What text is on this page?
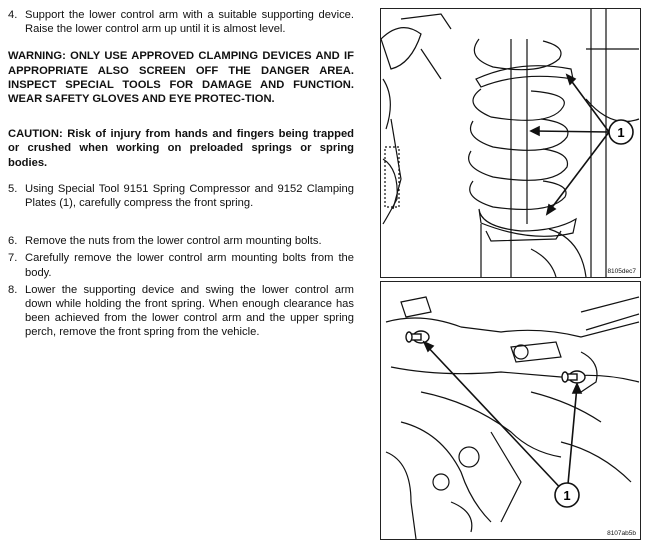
4. Support the lower control arm with a suitable supporting device. Raise the lower control arm up until it is almost level.

WARNING: ONLY USE APPROVED CLAMPING DEVICES AND IF APPROPRIATE ALSO SCREEN OFF THE DANGER AREA. INSPECT SPECIAL TOOLS FOR DAMAGE AND FUNCTION. WEAR SAFETY GLOVES AND EYE PROTEC-TION.

CAUTION: Risk of injury from hands and fingers being trapped or crushed when working on preloaded springs or spring bodies.

5. Using Special Tool 9151 Spring Compressor and 9152 Clamping Plates (1), carefully compress the front spring.
6. Remove the nuts from the lower control arm mounting bolts.
7. Carefully remove the lower control arm mounting bolts from the body.
8. Lower the supporting device and swing the lower control arm down while holding the front spring. When enough clearance has been achieved from the lower control arm and the upper spring perch, remove the front spring from the vehicle.
1
8105dec7
1
8107ab5b
